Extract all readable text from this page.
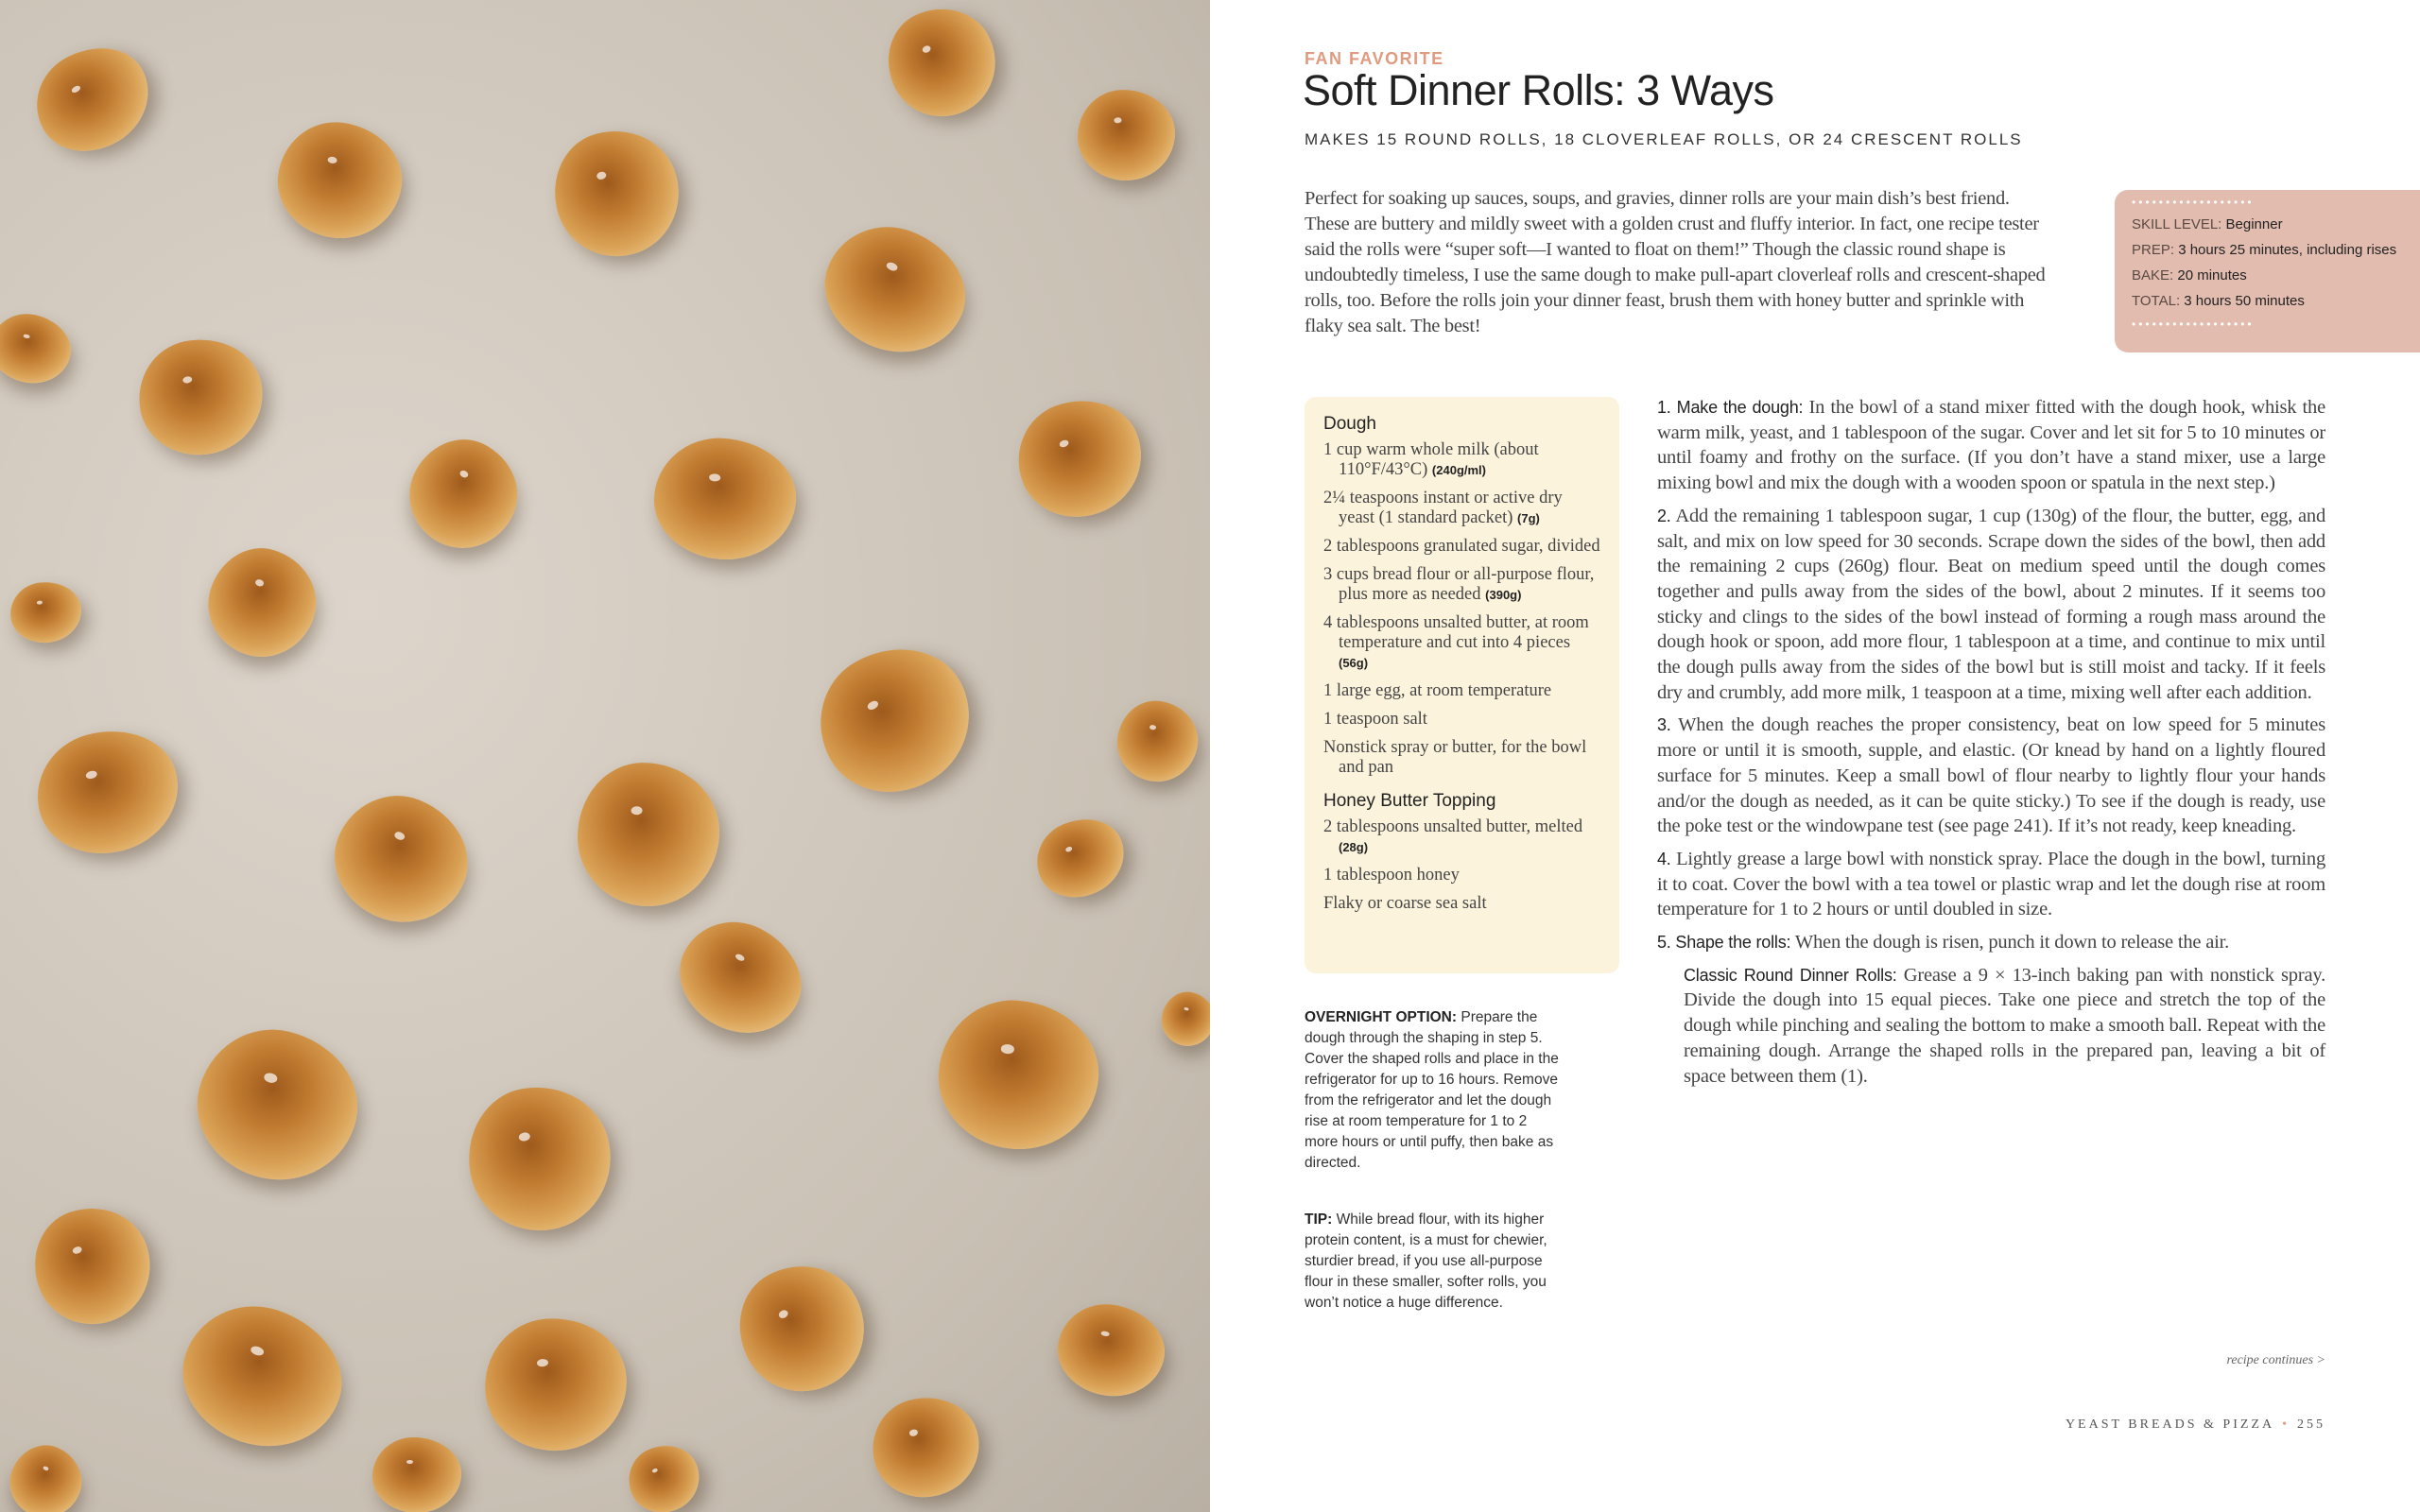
FAN FAVORITE
Soft Dinner Rolls: 3 Ways
MAKES 15 ROUND ROLLS, 18 CLOVERLEAF ROLLS, OR 24 CRESCENT ROLLS

Perfect for soaking up sauces, soups, and gravies, dinner rolls are your main dish’s best friend. These are buttery and mildly sweet with a golden crust and fluffy interior. In fact, one recipe tester said the rolls were “super soft—I wanted to float on them!” Though the classic round shape is undoubtedly timeless, I use the same dough to make pull-apart cloverleaf rolls and crescent-shaped rolls, too. Before the rolls join your dinner feast, brush them with honey butter and sprinkle with flaky sea salt. The best!

••••••••••••••••••
SKILL LEVEL: Beginner
PREP: 3 hours 25 minutes, including rises
BAKE: 20 minutes
TOTAL: 3 hours 50 minutes
••••••••••••••••••
Dough
1 cup warm whole milk (about 110°F/43°C) (240g/ml)
2¼ teaspoons instant or active dry yeast (1 standard packet) (7g)
2 tablespoons granulated sugar, divided
3 cups bread flour or all-purpose flour, plus more as needed (390g)
4 tablespoons unsalted butter, at room temperature and cut into 4 pieces (56g)
1 large egg, at room temperature
1 teaspoon salt
Nonstick spray or butter, for the bowl and pan
Honey Butter Topping
2 tablespoons unsalted butter, melted (28g)
1 tablespoon honey
Flaky or coarse sea salt

1. Make the dough: In the bowl of a stand mixer fitted with the dough hook, whisk the warm milk, yeast, and 1 tablespoon of the sugar. Cover and let sit for 5 to 10 minutes or until foamy and frothy on the surface. (If you don’t have a stand mixer, use a large mixing bowl and mix the dough with a wooden spoon or spatula in the next step.)

2. Add the remaining 1 tablespoon sugar, 1 cup (130g) of the flour, the butter, egg, and salt, and mix on low speed for 30 seconds. Scrape down the sides of the bowl, then add the remaining 2 cups (260g) flour. Beat on medium speed until the dough comes together and pulls away from the sides of the bowl, about 2 minutes. If it seems too sticky and clings to the sides of the bowl instead of forming a rough mass around the dough hook or spoon, add more flour, 1 tablespoon at a time, and continue to mix until the dough pulls away from the sides of the bowl but is still moist and tacky. If it feels dry and crumbly, add more milk, 1 teaspoon at a time, mixing well after each addition.

3. When the dough reaches the proper consistency, beat on low speed for 5 minutes more or until it is smooth, supple, and elastic. (Or knead by hand on a lightly floured surface for 5 minutes. Keep a small bowl of flour nearby to lightly flour your hands and/or the dough as needed, as it can be quite sticky.) To see if the dough is ready, use the poke test or the windowpane test (see page 241). If it’s not ready, keep kneading.

4. Lightly grease a large bowl with nonstick spray. Place the dough in the bowl, turning it to coat. Cover the bowl with a tea towel or plastic wrap and let the dough rise at room temperature for 1 to 2 hours or until doubled in size.

5. Shape the rolls: When the dough is risen, punch it down to release the air.

Classic Round Dinner Rolls: Grease a 9 × 13-inch baking pan with nonstick spray. Divide the dough into 15 equal pieces. Take one piece and stretch the top of the dough while pinching and sealing the bottom to make a smooth ball. Repeat with the remaining dough. Arrange the shaped rolls in the prepared pan, leaving a bit of space between them (1).

OVERNIGHT OPTION: Prepare the dough through the shaping in step 5. Cover the shaped rolls and place in the refrigerator for up to 16 hours. Remove from the refrigerator and let the dough rise at room temperature for 1 to 2 more hours or until puffy, then bake as directed.

TIP: While bread flour, with its higher protein content, is a must for chewier, sturdier bread, if you use all-purpose flour in these smaller, softer rolls, you won’t notice a huge difference.

recipe continues >
YEAST BREADS & PIZZA • 255
